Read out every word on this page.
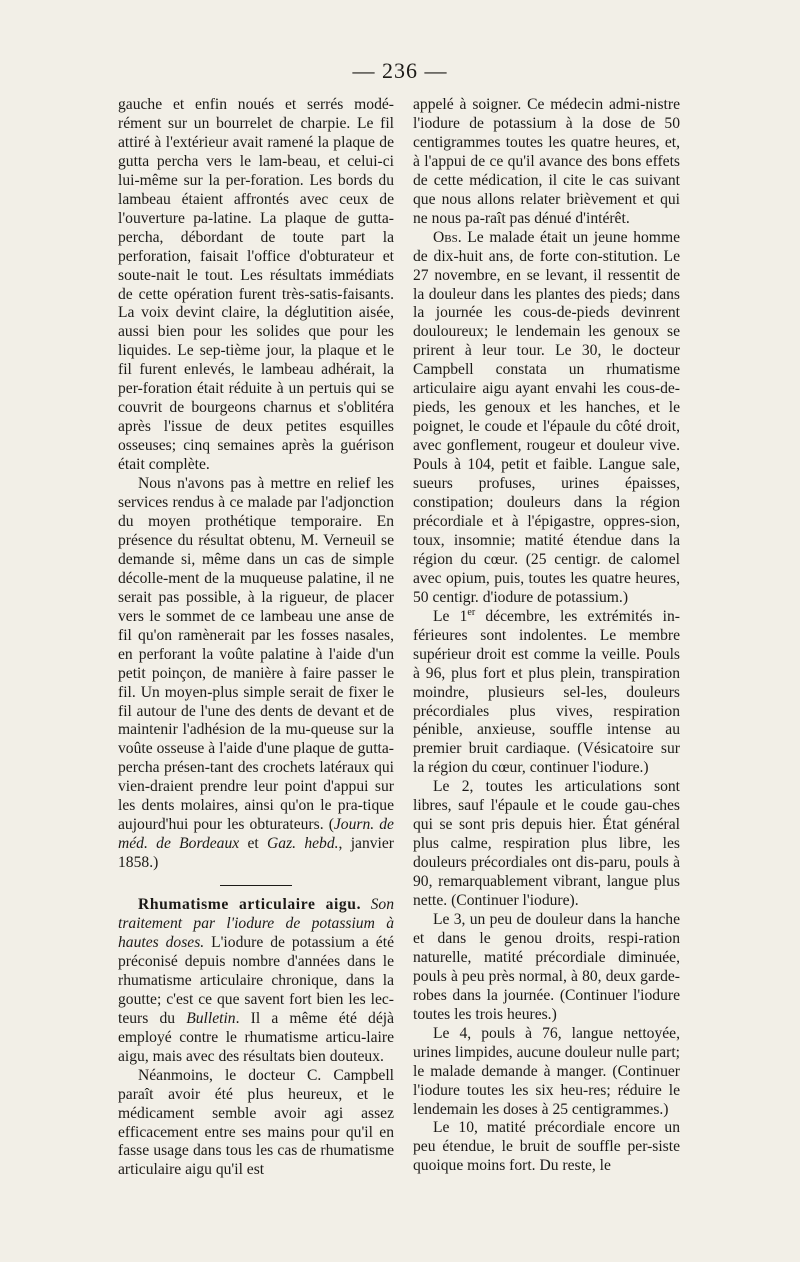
— 236 —

gauche et enfin noués et serrés modé-rément sur un bourrelet de charpie. Le fil attiré à l'extérieur avait ramené la plaque de gutta percha vers le lam-beau, et celui-ci lui-même sur la per-foration. Les bords du lambeau étaient affrontés avec ceux de l'ouverture pa-latine. La plaque de gutta-percha, débordant de toute part la perforation, faisait l'office d'obturateur et soute-nait le tout. Les résultats immédiats de cette opération furent très-satis-faisants. La voix devint claire, la déglutition aisée, aussi bien pour les solides que pour les liquides. Le sep-tième jour, la plaque et le fil furent enlevés, le lambeau adhérait, la per-foration était réduite à un pertuis qui se couvrit de bourgeons charnus et s'oblitéra après l'issue de deux petites esquilles osseuses; cinq semaines après la guérison était complète.

Nous n'avons pas à mettre en relief les services rendus à ce malade par l'adjonction du moyen prothétique temporaire. En présence du résultat obtenu, M. Verneuil se demande si, même dans un cas de simple décolle-ment de la muqueuse palatine, il ne serait pas possible, à la rigueur, de placer vers le sommet de ce lambeau une anse de fil qu'on ramènerait par les fosses nasales, en perforant la voûte palatine à l'aide d'un petit poinçon, de manière à faire passer le fil. Un moyen-plus simple serait de fixer le fil autour de l'une des dents de devant et de maintenir l'adhésion de la mu-queuse sur la voûte osseuse à l'aide d'une plaque de gutta-percha présen-tant des crochets latéraux qui vien-draient prendre leur point d'appui sur les dents molaires, ainsi qu'on le pra-tique aujourd'hui pour les obturateurs. (Journ. de méd. de Bordeaux et Gaz. hebd., janvier 1858.)

Rhumatisme articulaire aigu. Son traitement par l'iodure de potassium à hautes doses. L'iodure de potassium a été préconisé depuis nombre d'années dans le rhumatisme articulaire chronique, dans la goutte; c'est ce que savent fort bien les lec-teurs du Bulletin. Il a même été déjà employé contre le rhumatisme articu-laire aigu, mais avec des résultats bien douteux.

Néanmoins, le docteur C. Campbell paraît avoir été plus heureux, et le médicament semble avoir agi assez efficacement entre ses mains pour qu'il en fasse usage dans tous les cas de rhumatisme articulaire aigu qu'il est

appelé à soigner. Ce médecin admi-nistre l'iodure de potassium à la dose de 50 centigrammes toutes les quatre heures, et, à l'appui de ce qu'il avance des bons effets de cette médication, il cite le cas suivant que nous allons relater brièvement et qui ne nous pa-raît pas dénué d'intérêt.

Obs. Le malade était un jeune homme de dix-huit ans, de forte con-stitution. Le 27 novembre, en se levant, il ressentit de la douleur dans les plantes des pieds; dans la journée les cous-de-pieds devinrent douloureux; le lendemain les genoux se prirent à leur tour. Le 30, le docteur Campbell constata un rhumatisme articulaire aigu ayant envahi les cous-de-pieds, les genoux et les hanches, et le poignet, le coude et l'épaule du côté droit, avec gonflement, rougeur et douleur vive. Pouls à 104, petit et faible. Langue sale, sueurs profuses, urines épaisses, constipation; douleurs dans la région précordiale et à l'épigastre, oppres-sion, toux, insomnie; matité étendue dans la région du cœur. (25 centigr. de calomel avec opium, puis, toutes les quatre heures, 50 centigr. d'iodure de potassium.)

Le 1er décembre, les extrémités in-férieures sont indolentes. Le membre supérieur droit est comme la veille. Pouls à 96, plus fort et plus plein, transpiration moindre, plusieurs sel-les, douleurs précordiales plus vives, respiration pénible, anxieuse, souffle intense au premier bruit cardiaque. (Vésicatoire sur la région du cœur, continuer l'iodure.)

Le 2, toutes les articulations sont libres, sauf l'épaule et le coude gau-ches qui se sont pris depuis hier. État général plus calme, respiration plus libre, les douleurs précordiales ont dis-paru, pouls à 90, remarquablement vibrant, langue plus nette. (Continuer l'iodure).

Le 3, un peu de douleur dans la hanche et dans le genou droits, respi-ration naturelle, matité précordiale diminuée, pouls à peu près normal, à 80, deux garde-robes dans la journée. (Continuer l'iodure toutes les trois heures.)

Le 4, pouls à 76, langue nettoyée, urines limpides, aucune douleur nulle part; le malade demande à manger. (Continuer l'iodure toutes les six heu-res; réduire le lendemain les doses à 25 centigrammes.)

Le 10, matité précordiale encore un peu étendue, le bruit de souffle per-siste quoique moins fort. Du reste, le
